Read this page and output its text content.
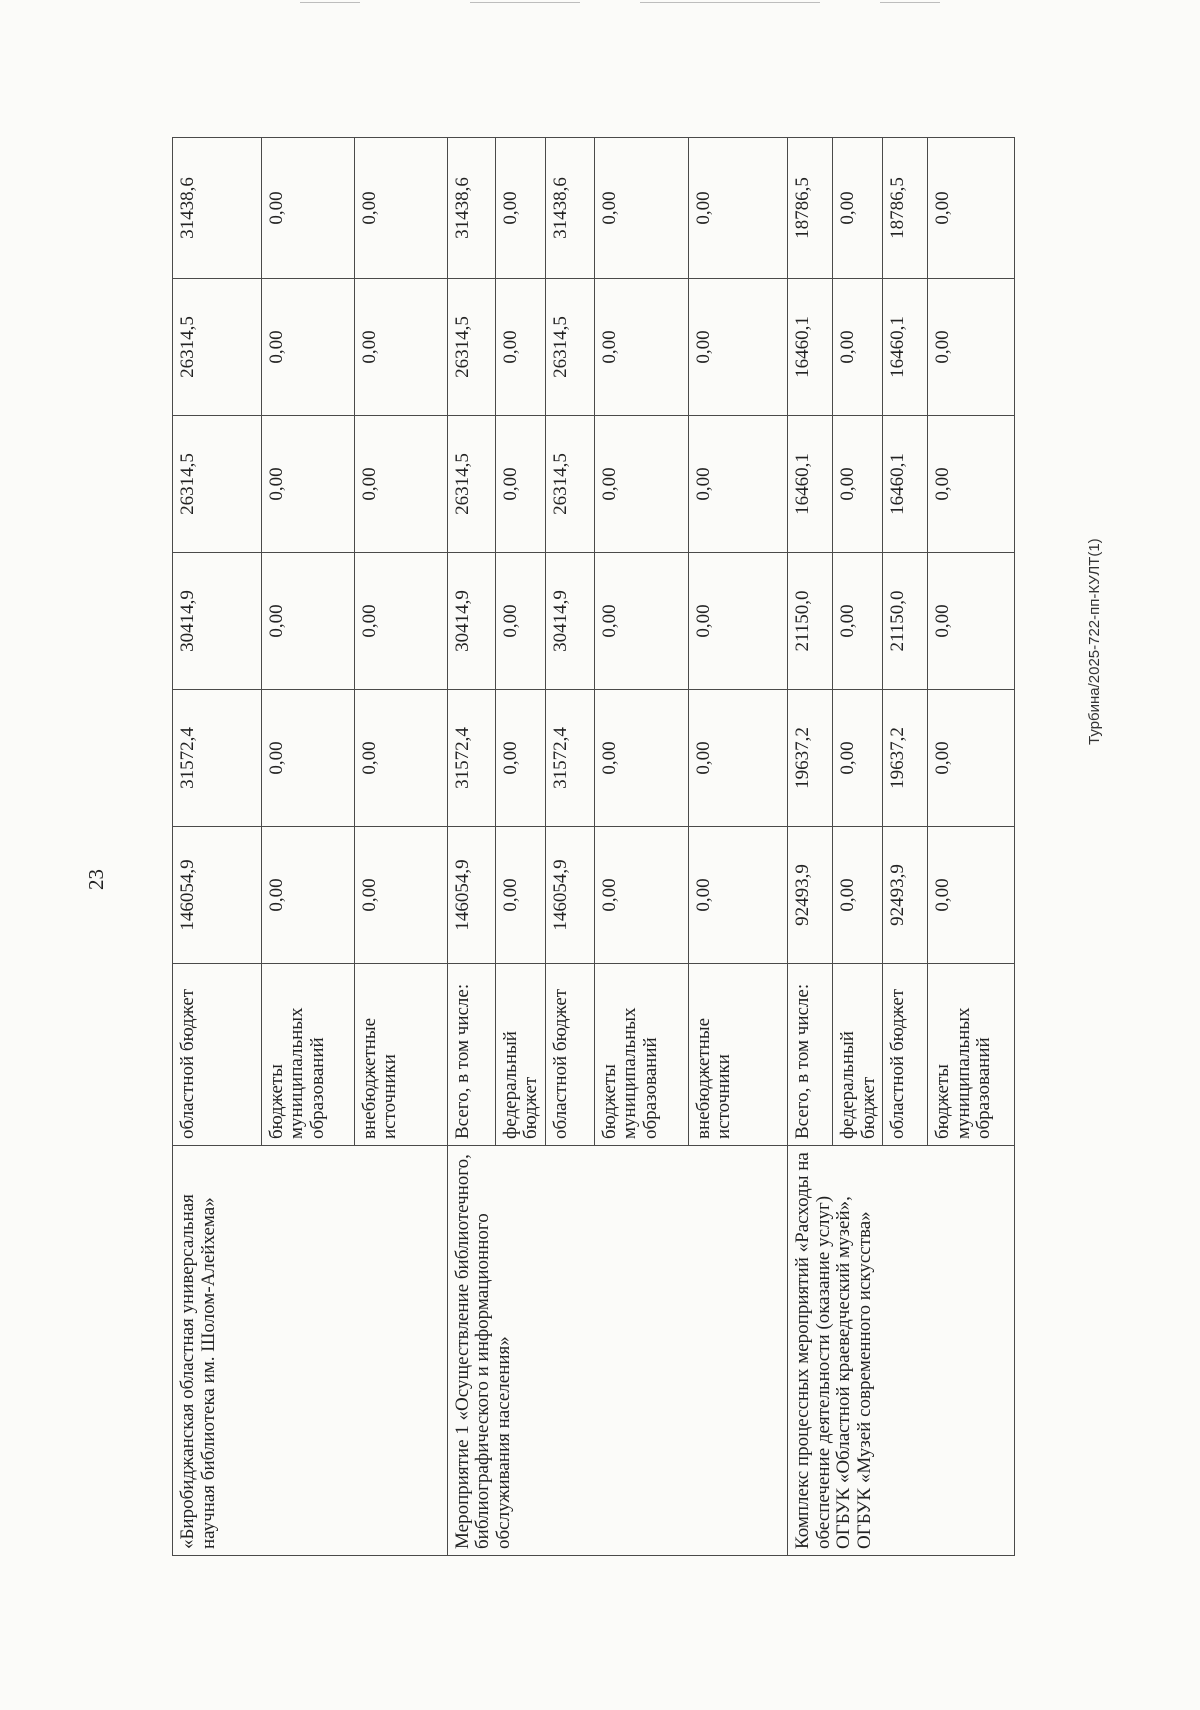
23
«Биробиджанская областная универсальная научная библиотека им. Шолом-Алейхема»	областной бюджет	146054,9	31572,4	30414,9	26314,5	26314,5	31438,6
	бюджеты муниципальных образований	0,00	0,00	0,00	0,00	0,00	0,00
	внебюджетные источники	0,00	0,00	0,00	0,00	0,00	0,00
Мероприятие 1 «Осуществление библиотечного, библиографического и информационного обслуживания населения»	Всего, в том числе:	146054,9	31572,4	30414,9	26314,5	26314,5	31438,6
	федеральный бюджет	0,00	0,00	0,00	0,00	0,00	0,00
	областной бюджет	146054,9	31572,4	30414,9	26314,5	26314,5	31438,6
	бюджеты муниципальных образований	0,00	0,00	0,00	0,00	0,00	0,00
	внебюджетные источники	0,00	0,00	0,00	0,00	0,00	0,00
Комплекс процессных мероприятий «Расходы на обеспечение деятельности (оказание услуг) ОГБУК «Областной краеведческий музей», ОГБУК «Музей современного искусства»	Всего, в том числе:	92493,9	19637,2	21150,0	16460,1	16460,1	18786,5
	федеральный бюджет	0,00	0,00	0,00	0,00	0,00	0,00
	областной бюджет	92493,9	19637,2	21150,0	16460,1	16460,1	18786,5
	бюджеты муниципальных образований	0,00	0,00	0,00	0,00	0,00	0,00
Турбина/2025-722-пп-КУЛТ(1)
